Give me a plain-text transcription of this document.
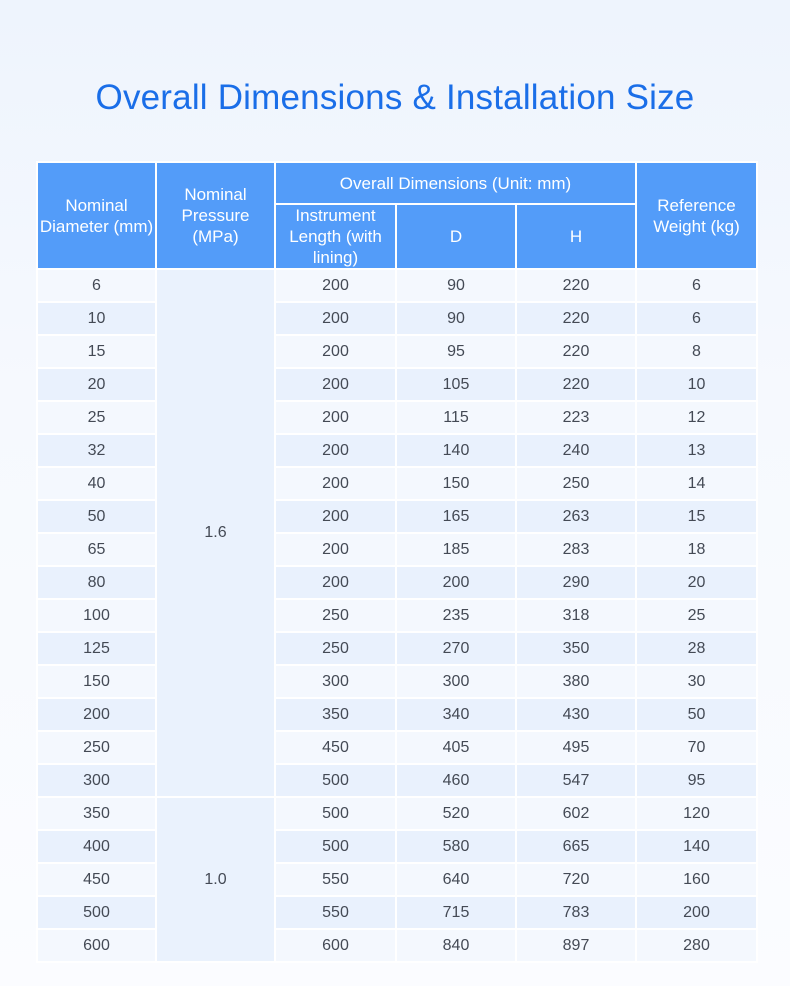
Overall Dimensions & Installation Size
Nominal Diameter (mm)	Nominal Pressure (MPa)	Overall Dimensions (Unit: mm)			Reference Weight (kg)
		Instrument Length (with lining)	D	H	
6	1.6	200	90	220	6
10		200	90	220	6
15		200	95	220	8
20		200	105	220	10
25		200	115	223	12
32		200	140	240	13
40		200	150	250	14
50		200	165	263	15
65		200	185	283	18
80		200	200	290	20
100		250	235	318	25
125		250	270	350	28
150		300	300	380	30
200		350	340	430	50
250		450	405	495	70
300		500	460	547	95
350	1.0	500	520	602	120
400		500	580	665	140
450		550	640	720	160
500		550	715	783	200
600		600	840	897	280
